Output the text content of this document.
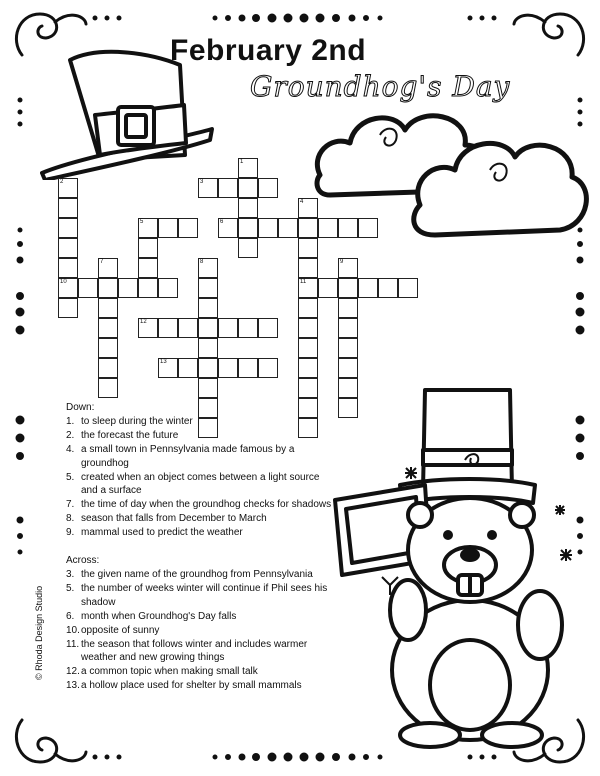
February 2nd
Groundhog's Day
1
2
10
3
4
11
5	6
7	8	9
12
13
Down:
1. to sleep during the winter
2. the forecast the future
4. a small town in Pennsylvania made famous by a groundhog
5. created when an object comes between a light source and a surface
7. the time of day when the groundhog checks for shadows
8. season that falls from December to March
9. mammal used to predict the weather
Across:
3. the given name of the groundhog from Pennsylvania
5. the number of weeks winter will continue if Phil sees his shadow
6. month when Groundhog's Day falls
10. opposite of sunny
11. the season that follows winter and includes warmer weather and new growing things
12. a common topic when making small talk
13. a hollow place used for shelter by small mammals
© Rhoda Design Studio
